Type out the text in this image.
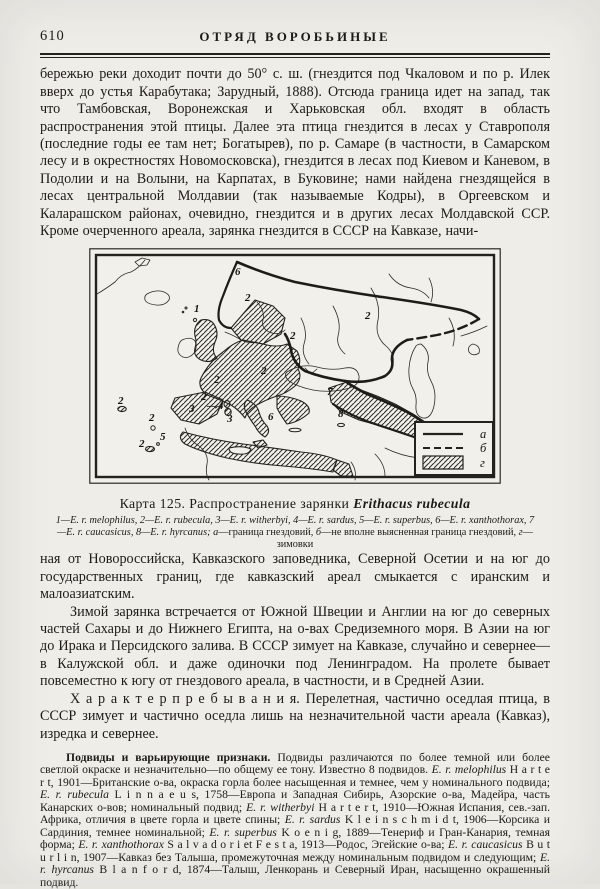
610	ОТРЯД ВОРОБЬИНЫЕ

бережью реки доходит почти до 50° с. ш. (гнездится под Чкаловом и по р. Илек вверх до устья Карабутака; Зарудный, 1888). Отсюда граница идет на запад, так что Тамбовская, Воронежская и Харьковская обл. входят в область распространения этой птицы. Далее эта птица гнездится в лесах у Ставрополя (последние годы ее там нет; Богатырев), по р. Самаре (в частности, в Самарском лесу и в окрестностях Новомосковска), гнездится в лесах под Киевом и Каневом, в Подолии и на Волыни, на Карпатах, в Буковине; нами найдена гнездящейся в лесах центральной Молдавии (так называемые Кодры), в Оргеевском и Каларашском районах, очевидно, гнездится и в других лесах Молдавской ССР. Кроме очерченного ареала, зарянка гнездится в СССР на Кавказе, начи-

а
б
г
1
6
2
2
2
2
2
2
3 —4
2
2
5
2
3	6
7
8
Карта 125. Распространение зарянки Erithacus rubecula
1—E. r. melophilus, 2—E. r. rubecula, 3—E. r. witherbyi, 4—E. r. sardus, 5—E. r. superbus, 6—E. r. xanthothorax, 7—E. r. caucasicus, 8—E. r. hyrcanus; а—граница гнездовий, б—не вполне выясненная граница гнездовий, г—зимовки

ная от Новороссийска, Кавказского заповедника, Северной Осетии и на юг до государственных границ, где кавказский ареал смыкается с иранским и малоазиатским.

Зимой зарянка встречается от Южной Швеции и Англии на юг до северных частей Сахары и до Нижнего Египта, на о-вах Средиземного моря. В Азии на юг до Ирака и Персидского залива. В СССР зимует на Кавказе, случайно и севернее—в Калужской обл. и даже одиночки под Ленинградом. На пролете бывает повсеместно к югу от гнездового ареала, в частности, и в Средней Азии.

Х а р а к т е р п р е б ы в а н и я. Перелетная, частично оседлая птица, в СССР зимует и частично оседла лишь на незначительной части ареала (Кавказ), изредка и севернее.

Подвиды и варьирующие признаки. Подвиды различаются по более темной или более светлой окраске и незначительно—по общему ее тону. Известно 8 подвидов. E. r. melophilus H a r t e r t, 1901—Британские о-ва, окраска горла более насыщенная и темнее, чем у номинального подвида; E. r. rubecula L i n n a e u s, 1758—Европа и Западная Сибирь, Азорские о-ва, Мадейра, часть Канарских о-вов; номинальный подвид; E. r. witherbyi H a r t e r t, 1910—Южная Испания, сев.-зап. Африка, отличия в цвете горла и цвете спины; E. r. sardus K l e i n s c h m i d t, 1906—Корсика и Сардиния, темнее номинальной; E. r. superbus K o e n i g, 1889—Тенериф и Гран-Канария, темная форма; E. r. xanthothorax S a l v a d o r i et F e s t a, 1913—Родос, Эгейские о-ва; E. r. caucasicus B u t u r l i n, 1907—Кавказ без Талыша, промежуточная между номинальным подвидом и следующим; E. r. hyrcanus B l a n f o r d, 1874—Талыш, Ленкорань и Северный Иран, насыщенно окрашенный подвид.
